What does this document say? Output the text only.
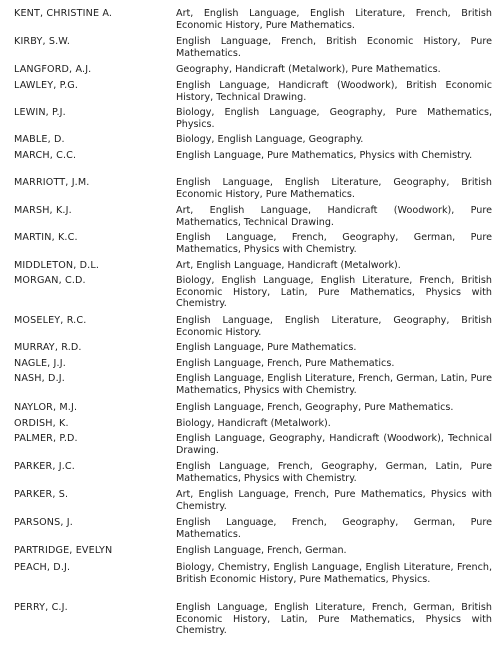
KENT, CHRISTINE A.	Art, English Language, English Literature, French, British Economic History, Pure Mathematics.
KIRBY, S.W.	English Language, French, British Economic History, Pure Mathematics.
LANGFORD, A.J.	Geography, Handicraft (Metalwork), Pure Mathematics.
LAWLEY, P.G.	English Language, Handicraft (Woodwork), British Economic History, Technical Drawing.
LEWIN, P.J.	Biology, English Language, Geography, Pure Mathematics, Physics.
MABLE, D.	Biology, English Language, Geography.
MARCH, C.C.	English Language, Pure Mathematics, Physics with Chemistry.
MARRIOTT, J.M.	English Language, English Literature, Geography, British Economic History, Pure Mathematics.
MARSH, K.J.	Art, English Language, Handicraft (Woodwork), Pure Mathematics, Technical Drawing.
MARTIN, K.C.	English Language, French, Geography, German, Pure Mathematics, Physics with Chemistry.
MIDDLETON, D.L.	Art, English Language, Handicraft (Metalwork).
MORGAN, C.D.	Biology, English Language, English Literature, French, British Economic History, Latin, Pure Mathematics, Physics with Chemistry.
MOSELEY, R.C.	English Language, English Literature, Geography, British Economic History.
MURRAY, R.D.	English Language, Pure Mathematics.
NAGLE, J.J.	English Language, French, Pure Mathematics.
NASH, D.J.	English Language, English Literature, French, German, Latin, Pure Mathematics, Physics with Chemistry.
NAYLOR, M.J.	English Language, French, Geography, Pure Mathematics.
ORDISH, K.	Biology, Handicraft (Metalwork).
PALMER, P.D.	English Language, Geography, Handicraft (Woodwork), Technical Drawing.
PARKER, J.C.	English Language, French, Geography, German, Latin, Pure Mathematics, Physics with Chemistry.
PARKER, S.	Art, English Language, French, Pure Mathematics, Physics with Chemistry.
PARSONS, J.	English Language, French, Geography, German, Pure Mathematics.
PARTRIDGE, EVELYN	English Language, French, German.
PEACH, D.J.	Biology, Chemistry, English Language, English Literature, French, British Economic History, Pure Mathematics, Physics.
PERRY, C.J.	English Language, English Literature, French, German, British Economic History, Latin, Pure Mathematics, Physics with Chemistry.
